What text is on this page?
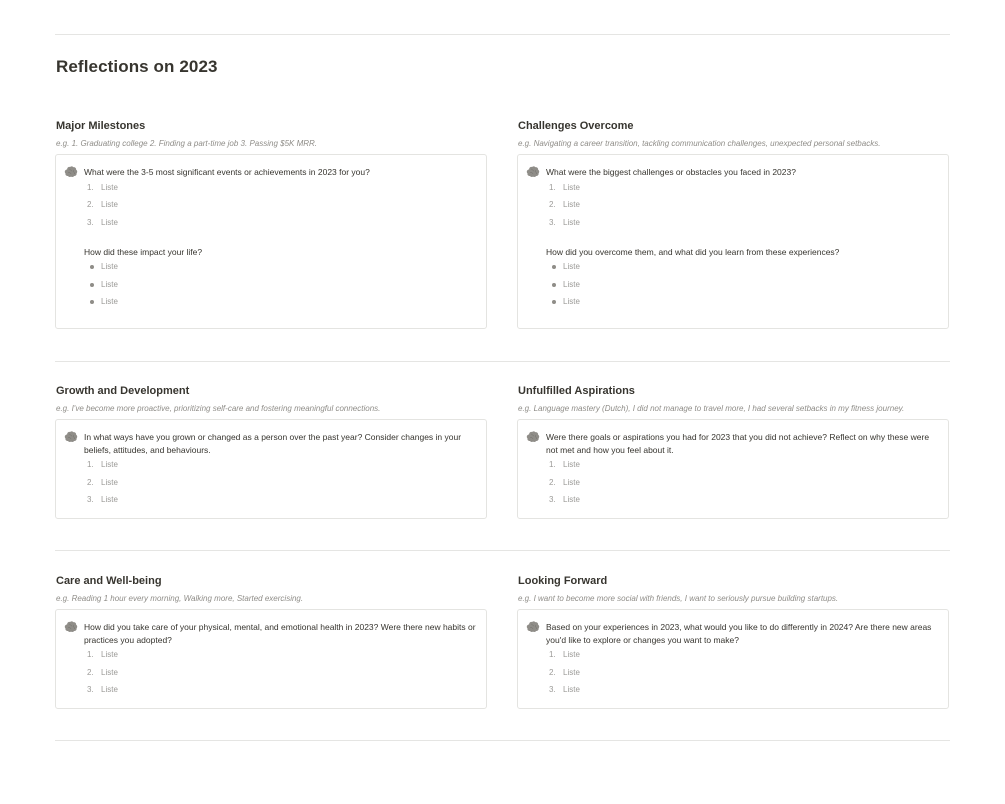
Reflections on 2023
Major Milestones

e.g. 1. Graduating college 2. Finding a part-time job 3. Passing $5K MRR.

What were the 3-5 most significant events or achievements in 2023 for you?
1. Liste
2. Liste
3. Liste
How did these impact your life?
Liste
Liste
Liste
Challenges Overcome

e.g. Navigating a career transition, tackling communication challenges, unexpected personal setbacks.

What were the biggest challenges or obstacles you faced in 2023?
1. Liste
2. Liste
3. Liste
How did you overcome them, and what did you learn from these experiences?
Liste
Liste
Liste
Growth and Development

e.g. I've become more proactive, prioritizing self-care and fostering meaningful connections.

In what ways have you grown or changed as a person over the past year? Consider changes in your beliefs, attitudes, and behaviours.
1. Liste
2. Liste
3. Liste
Unfulfilled Aspirations

e.g. Language mastery (Dutch), I did not manage to travel more, I had several setbacks in my fitness journey.

Were there goals or aspirations you had for 2023 that you did not achieve? Reflect on why these were not met and how you feel about it.
1. Liste
2. Liste
3. Liste
Care and Well-being

e.g. Reading 1 hour every morning, Walking more, Started exercising.

How did you take care of your physical, mental, and emotional health in 2023? Were there new habits or practices you adopted?
1. Liste
2. Liste
3. Liste
Looking Forward

e.g. I want to become more social with friends, I want to seriously pursue building startups.

Based on your experiences in 2023, what would you like to do differently in 2024? Are there new areas you'd like to explore or changes you want to make?
1. Liste
2. Liste
3. Liste
